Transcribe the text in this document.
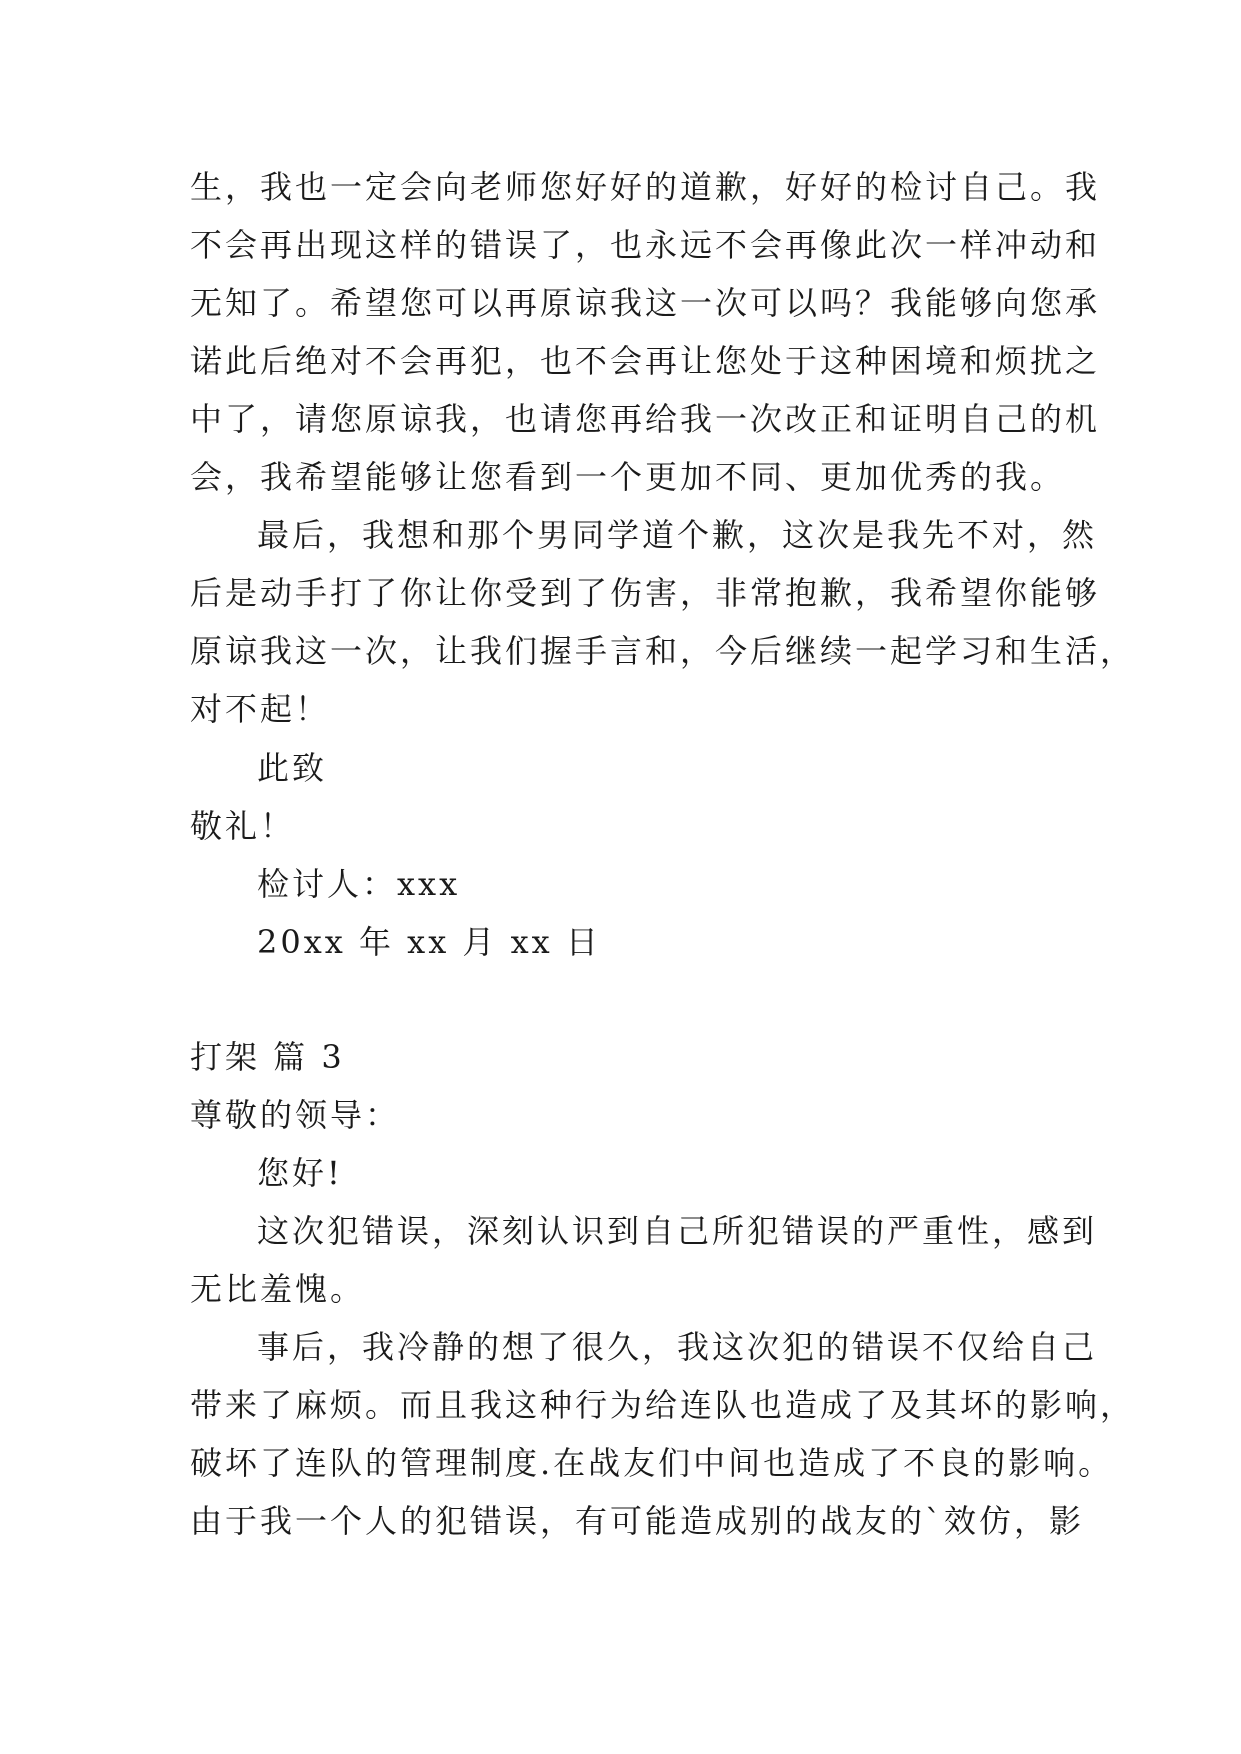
生，我也一定会向老师您好好的道歉，好好的检讨自己。我
不会再出现这样的错误了，也永远不会再像此次一样冲动和
无知了。希望您可以再原谅我这一次可以吗？我能够向您承
诺此后绝对不会再犯，也不会再让您处于这种困境和烦扰之
中了，请您原谅我，也请您再给我一次改正和证明自己的机
会，我希望能够让您看到一个更加不同、更加优秀的我。
最后，我想和那个男同学道个歉，这次是我先不对，然
后是动手打了你让你受到了伤害，非常抱歉，我希望你能够
原谅我这一次，让我们握手言和，今后继续一起学习和生活，
对不起！
此致
敬礼！
检讨人：xxx
20xx 年 xx 月 xx 日
打架 篇 3
尊敬的领导：
您好!
这次犯错误，深刻认识到自己所犯错误的严重性，感到
无比羞愧。
事后，我冷静的想了很久，我这次犯的错误不仅给自己
带来了麻烦。而且我这种行为给连队也造成了及其坏的影响，
破坏了连队的管理制度.在战友们中间也造成了不良的影响。
由于我一个人的犯错误，有可能造成别的战友的`效仿，影
